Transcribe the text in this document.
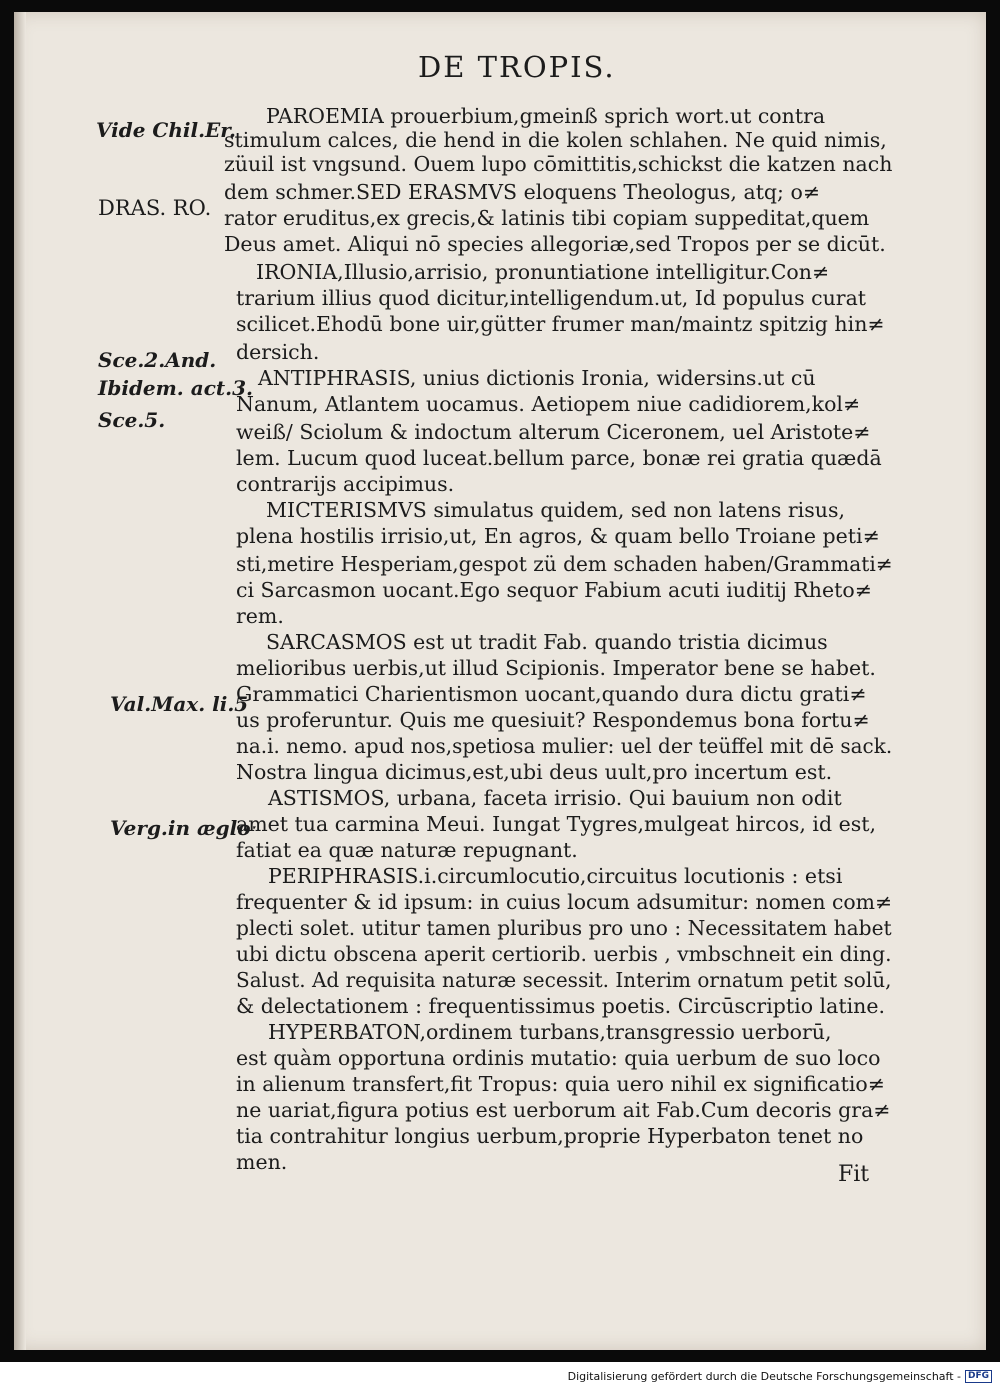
DE TROPIS.
Vide Chil.Er.
DRAS. RO.
Sce.2.And.
Ibidem. act.3.
Sce.5.
Val.Max. li.5
Verg.in ægloˑ
PAROEMIA prouerbium,gmeinß sprich wort.ut contra
stimulum calces, die hend in die kolen schlahen. Ne quid nimis,
züuil ist vngsund. Ouem lupo cōmittitis,schickst die katzen nach
dem schmer.SED ERASMVS eloquens Theologus, atq; o≠
rator eruditus,ex grecis,& latinis tibi copiam suppeditat,quem
Deus amet. Aliqui nō species allegoriæ,sed Tropos per se dicūt.
IRONIA,Illusio,arrisio, pronuntiatione intelligitur.Con≠
trarium illius quod dicitur,intelligendum.ut, Id populus curat
scilicet.Ehodū bone uir,gütter frumer man/maintz spitzig hin≠
dersich.
ANTIPHRASIS, unius dictionis Ironia, widersins.ut cū
Nanum, Atlantem uocamus. Aetiopem niue cadidiorem,kol≠
weiß/ Sciolum & indoctum alterum Ciceronem, uel Aristote≠
lem. Lucum quod luceat.bellum parce, bonæ rei gratia quædā
contrarijs accipimus.
MICTERISMVS simulatus quidem, sed non latens risus,
plena hostilis irrisio,ut, En agros, & quam bello Troiane peti≠
sti,metire Hesperiam,gespot zü dem schaden haben/Grammati≠
ci Sarcasmon uocant.Ego sequor Fabium acuti iuditij Rheto≠
rem.
SARCASMOS est ut tradit Fab. quando tristia dicimus
melioribus uerbis,ut illud Scipionis. Imperator bene se habet.
Grammatici Charientismon uocant,quando dura dictu grati≠
us proferuntur. Quis me quesiuit? Respondemus bona fortu≠
na.i. nemo. apud nos,spetiosa mulier: uel der teüffel mit dē sack.
Nostra lingua dicimus,est,ubi deus uult,pro incertum est.
ASTISMOS, urbana, faceta irrisio. Qui bauium non odit
amet tua carmina Meui. Iungat Tygres,mulgeat hircos, id est,
fatiat ea quæ naturæ repugnant.
PERIPHRASIS.i.circumlocutio,circuitus locutionis : etsi
frequenter & id ipsum: in cuius locum adsumitur: nomen com≠
plecti solet. utitur tamen pluribus pro uno : Necessitatem habet
ubi dictu obscena aperit certiorib. uerbis , vmbschneit ein ding.
Salust. Ad requisita naturæ secessit. Interim ornatum petit solū,
& delectationem : frequentissimus poetis. Circūscriptio latine.
HYPERBATON,ordinem turbans,transgressio uerborū,
est quàm opportuna ordinis mutatio: quia uerbum de suo loco
in alienum transfert,fit Tropus: quia uero nihil ex significatio≠
ne uariat,figura potius est uerborum ait Fab.Cum decoris gra≠
tia contrahitur longius uerbum,proprie Hyperbaton tenet no
men.	Fit
Digitalisierung gefördert durch die Deutsche Forschungsgemeinschaft - DFG
